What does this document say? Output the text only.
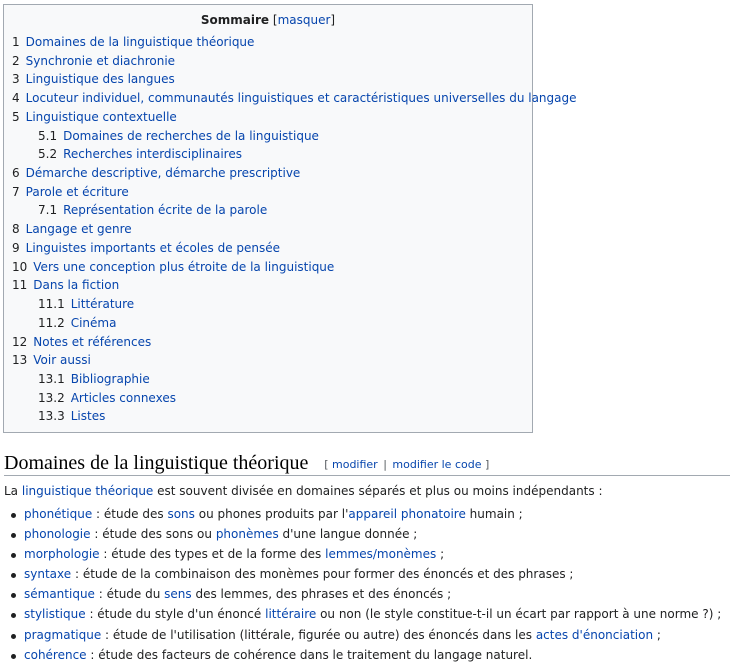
Sommaire [masquer]
1 Domaines de la linguistique théorique
2 Synchronie et diachronie
3 Linguistique des langues
4 Locuteur individuel, communautés linguistiques et caractéristiques universelles du langage
5 Linguistique contextuelle
5.1 Domaines de recherches de la linguistique
5.2 Recherches interdisciplinaires
6 Démarche descriptive, démarche prescriptive
7 Parole et écriture
7.1 Représentation écrite de la parole
8 Langage et genre
9 Linguistes importants et écoles de pensée
10 Vers une conception plus étroite de la linguistique
11 Dans la fiction
11.1 Littérature
11.2 Cinéma
12 Notes et références
13 Voir aussi
13.1 Bibliographie
13.2 Articles connexes
13.3 Listes
Domaines de la linguistique théorique [ modifier | modifier le code ]
La linguistique théorique est souvent divisée en domaines séparés et plus ou moins indépendants :
phonétique : étude des sons ou phones produits par l'appareil phonatoire humain ;
phonologie : étude des sons ou phonèmes d'une langue donnée ;
morphologie : étude des types et de la forme des lemmes/monèmes ;
syntaxe : étude de la combinaison des monèmes pour former des énoncés et des phrases ;
sémantique : étude du sens des lemmes, des phrases et des énoncés ;
stylistique : étude du style d'un énoncé littéraire ou non (le style constitue-t-il un écart par rapport à une norme ?) ;
pragmatique : étude de l'utilisation (littérale, figurée ou autre) des énoncés dans les actes d'énonciation ;
cohérence : étude des facteurs de cohérence dans le traitement du langage naturel.
